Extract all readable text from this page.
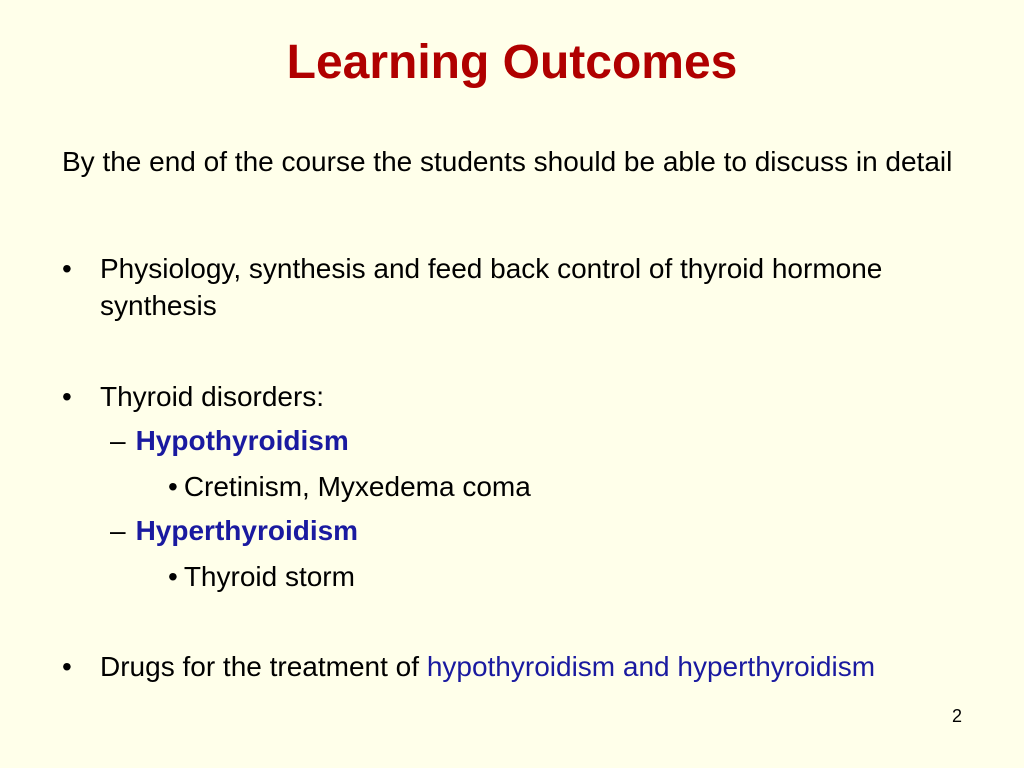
Learning Outcomes
By the end of the course the students should be able to discuss in detail
• Physiology, synthesis and feed back control of thyroid hormone synthesis
• Thyroid disorders:
– Hypothyroidism
• Cretinism, Myxedema coma
– Hyperthyroidism
• Thyroid storm
• Drugs for the treatment of hypothyroidism and hyperthyroidism
2
